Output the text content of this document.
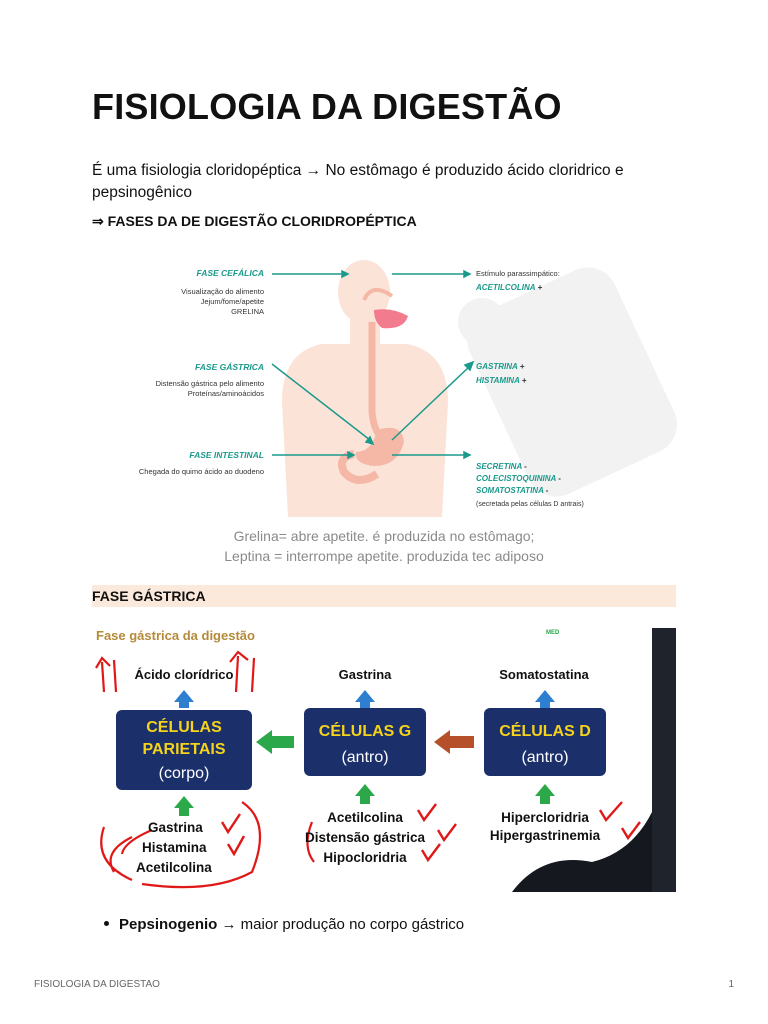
FISIOLOGIA DA DIGESTÃO

É uma fisiologia cloridopéptica → No estômago é produzido ácido cloridrico e pepsinogênico

⇒ FASES DA DE DIGESTÃO CLORIDROPÉPTICA

FASE CEFÁLICA
Visualização do alimento
Jejum/fome/apetite
GRELINA
FASE GÁSTRICA
Distensão gástrica pelo alimento
Proteínas/aminoácidos
FASE INTESTINAL
Chegada do quimo ácido ao duodeno
Estímulo parassimpático:
ACETILCOLINA +
GASTRINA +
HISTAMINA +
SECRETINA -
COLECISTOQUININA -
SOMATOSTATINA -
(secretada pelas células D antrais)
Grelina= abre apetite. é produzida no estômago;
Leptina = interrompe apetite. produzida tec adiposo
FASE GÁSTRICA
MED
Fase gástrica da digestão
Ácido clorídrico	Gastrina	Somatostatina
CÉLULAS
PARIETAIS
(corpo)
CÉLULAS G
(antro)
CÉLULAS D
(antro)
Gastrina
Histamina
Acetilcolina
Acetilcolina
Distensão gástrica
Hipocloridria
Hipercloridria
Hipergastrinemia
Pepsinogenio → maior produção no corpo gástrico
FISIOLOGIA DA DIGESTAO	1
